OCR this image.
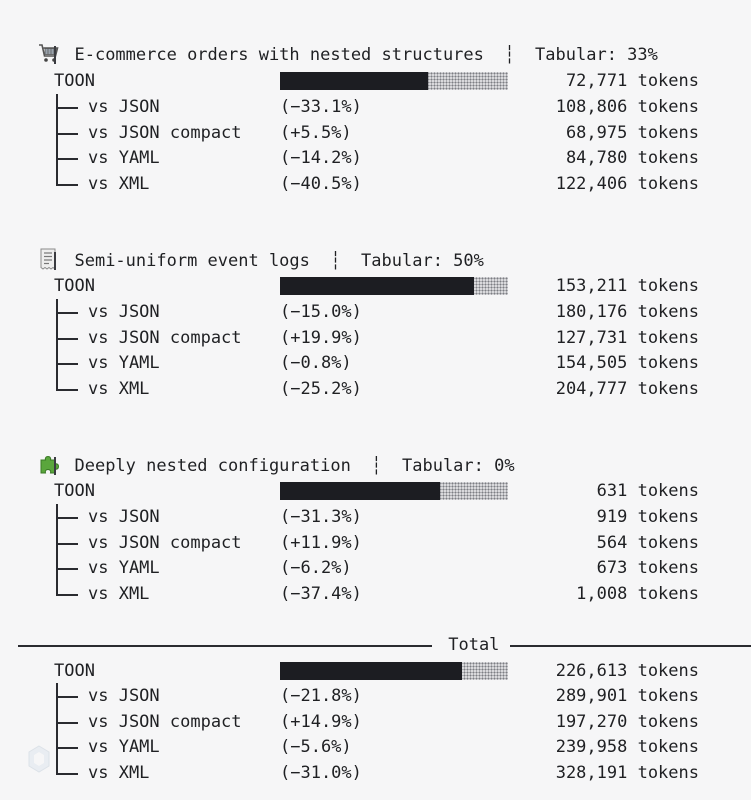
E-commerce orders with nested structures  ┆  Tabular: 33%

TOON	72,771 tokens
vs JSON	(−33.1%)	108,806 tokens
vs JSON compact (+5.5%)	68,975 tokens
vs YAML	(−14.2%)	84,780 tokens
vs XML	(−40.5%)	122,406 tokens

Semi-uniform event logs  ┆  Tabular: 50%

TOON	153,211 tokens
vs JSON	(−15.0%)	180,176 tokens
vs JSON compact (+19.9%)	127,731 tokens
vs YAML	(−0.8%)	154,505 tokens
vs XML	(−25.2%)	204,777 tokens

Deeply nested configuration  ┆  Tabular: 0%

TOON	631 tokens
vs JSON	(−31.3%)	919 tokens
vs JSON compact (+11.9%)	564 tokens
vs YAML	(−6.2%)	673 tokens
vs XML	(−37.4%)	1,008 tokens
Total
TOON	226,613 tokens
vs JSON	(−21.8%)	289,901 tokens
vs JSON compact (+14.9%)	197,270 tokens
vs YAML	(−5.6%)	239,958 tokens
vs XML	(−31.0%)	328,191 tokens
